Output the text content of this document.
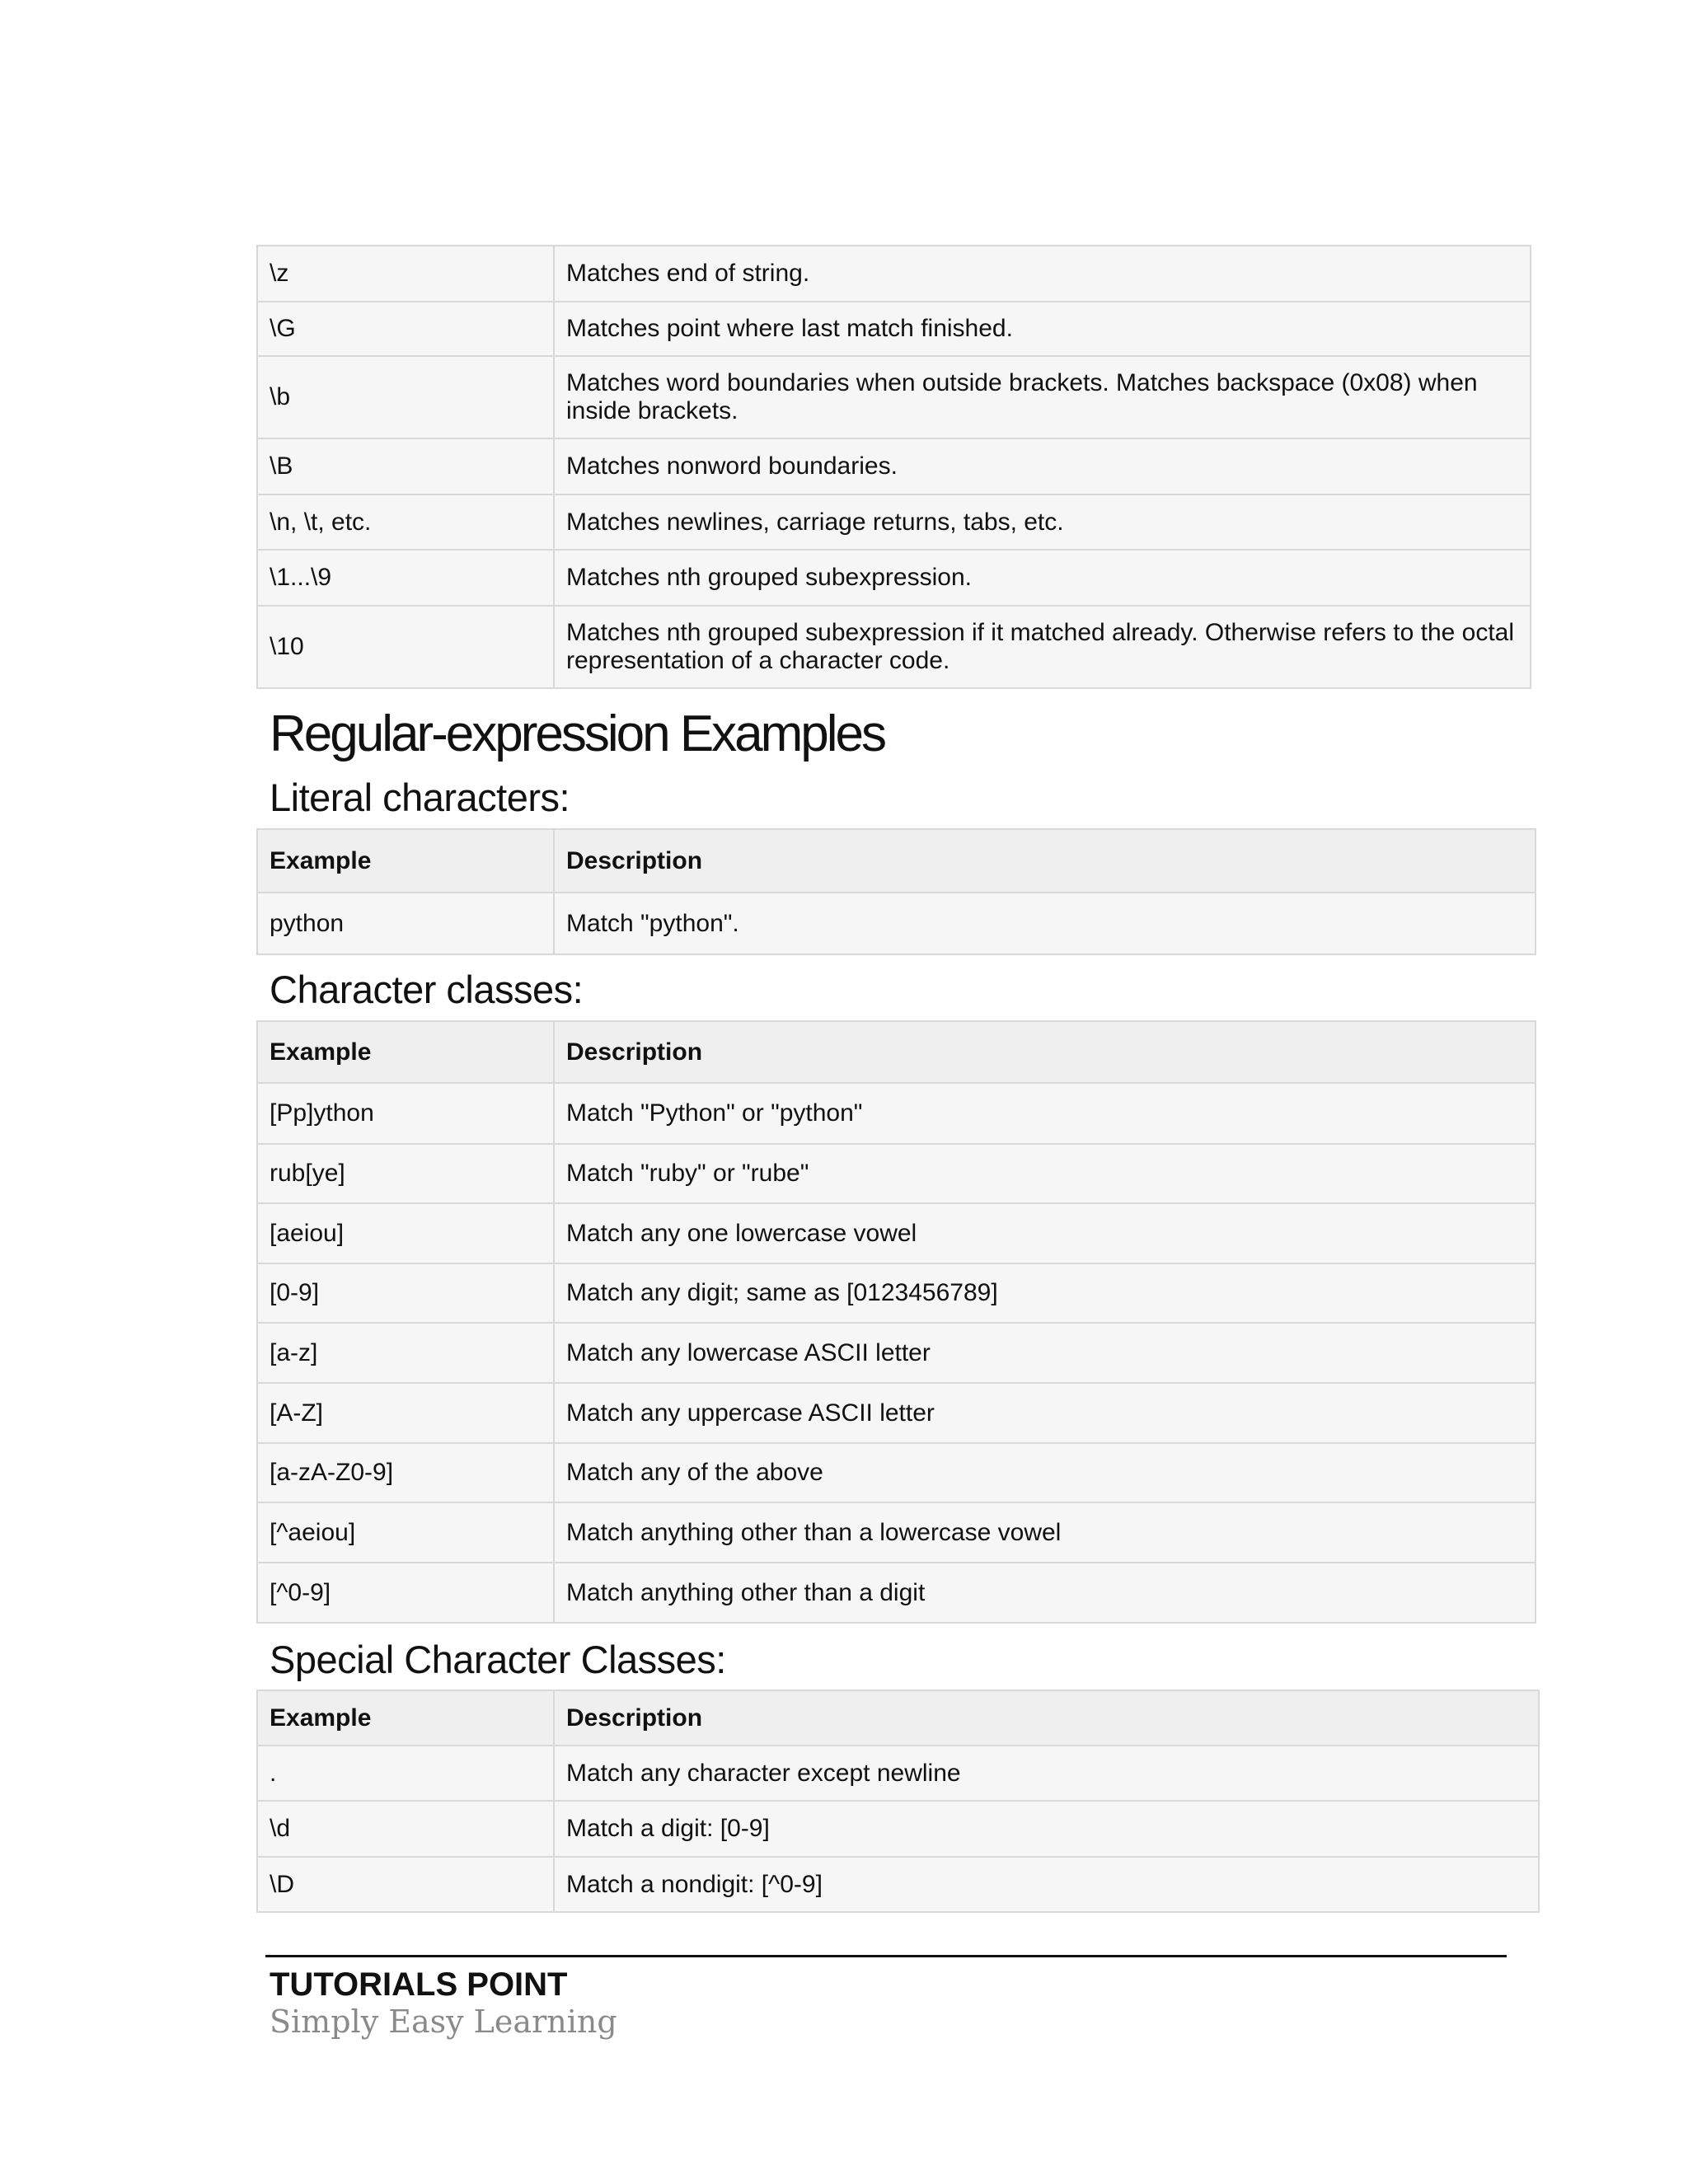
\z	Matches end of string.
\G	Matches point where last match finished.
\b	Matches word boundaries when outside brackets. Matches backspace (0x08) when inside brackets.
\B	Matches nonword boundaries.
\n, \t, etc.	Matches newlines, carriage returns, tabs, etc.
\1...\9	Matches nth grouped subexpression.
\10	Matches nth grouped subexpression if it matched already. Otherwise refers to the octal representation of a character code.
Regular-expression Examples
Literal characters:
Example	Description
python	Match "python".
Character classes:
Example	Description
[Pp]ython	Match "Python" or "python"
rub[ye]	Match "ruby" or "rube"
[aeiou]	Match any one lowercase vowel
[0-9]	Match any digit; same as [0123456789]
[a-z]	Match any lowercase ASCII letter
[A-Z]	Match any uppercase ASCII letter
[a-zA-Z0-9]	Match any of the above
[^aeiou]	Match anything other than a lowercase vowel
[^0-9]	Match anything other than a digit
Special Character Classes:
Example	Description
.	Match any character except newline
\d	Match a digit: [0-9]
\D	Match a nondigit: [^0-9]
TUTORIALS POINT
Simply Easy Learning
